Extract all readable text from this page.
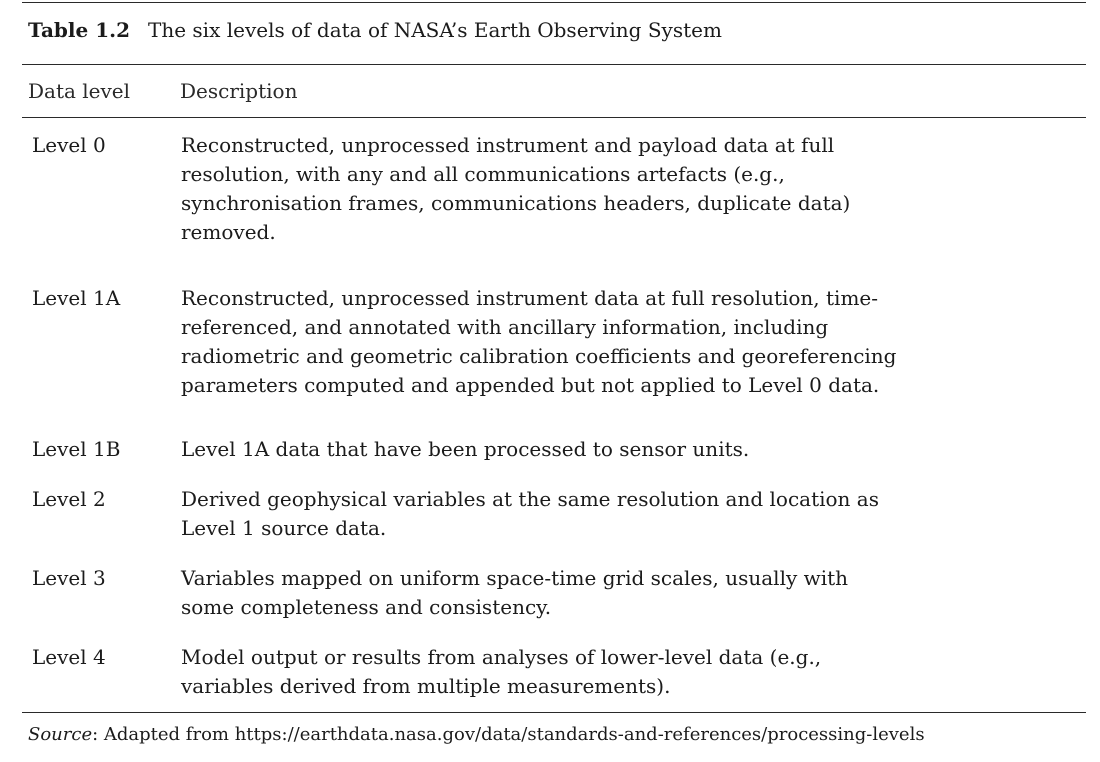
Table 1.2 The six levels of data of NASA’s Earth Observing System
Data level Description
Level 0	Reconstructed, unprocessed instrument and payload data at full
resolution, with any and all communications artefacts (e.g.,
synchronisation frames, communications headers, duplicate data)
removed.
Level 1A	Reconstructed, unprocessed instrument data at full resolution, time-
referenced, and annotated with ancillary information, including
radiometric and geometric calibration coefficients and georeferencing
parameters computed and appended but not applied to Level 0 data.
Level 1B	Level 1A data that have been processed to sensor units.
Level 2	Derived geophysical variables at the same resolution and location as
Level 1 source data.
Level 3	Variables mapped on uniform space-time grid scales, usually with
some completeness and consistency.
Level 4	Model output or results from analyses of lower-level data (e.g.,
variables derived from multiple measurements).
Source: Adapted from https://earthdata.nasa.gov/data/standards-and-references/processing-levels
